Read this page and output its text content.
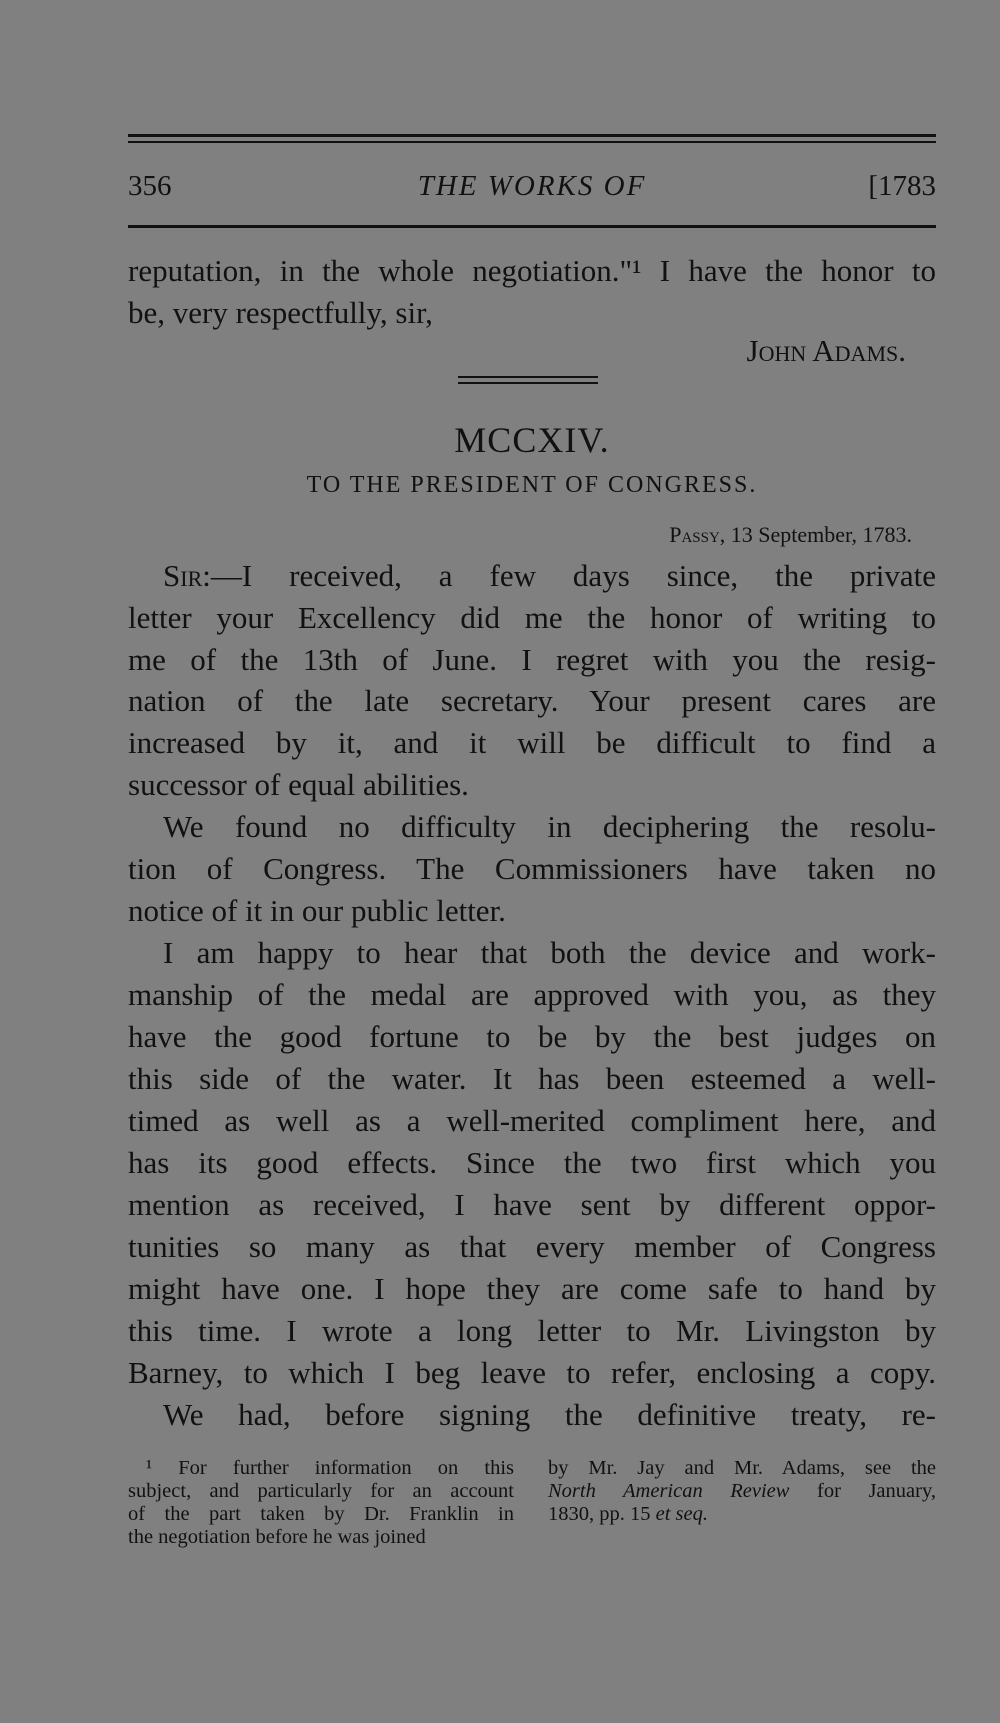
356	THE WORKS OF	[1783
reputation, in the whole negotiation."¹ I have the honor to
be, very respectfully, sir,
John Adams.
MCCXIV.
TO THE PRESIDENT OF CONGRESS.
Passy, 13 September, 1783.
Sir:—I received, a few days since, the private
letter your Excellency did me the honor of writing to
me of the 13th of June. I regret with you the resig-
nation of the late secretary. Your present cares are
increased by it, and it will be difficult to find a
successor of equal abilities.
We found no difficulty in deciphering the resolu-
tion of Congress. The Commissioners have taken no
notice of it in our public letter.
I am happy to hear that both the device and work-
manship of the medal are approved with you, as they
have the good fortune to be by the best judges on
this side of the water. It has been esteemed a well-
timed as well as a well-merited compliment here, and
has its good effects. Since the two first which you
mention as received, I have sent by different oppor-
tunities so many as that every member of Congress
might have one. I hope they are come safe to hand by
this time. I wrote a long letter to Mr. Livingston by
Barney, to which I beg leave to refer, enclosing a copy.
We had, before signing the definitive treaty, re-
¹ For further information on this
subject, and particularly for an account
of the part taken by Dr. Franklin in
the negotiation before he was joined
by Mr. Jay and Mr. Adams, see the
North American Review for January,
1830, pp. 15 et seq.
